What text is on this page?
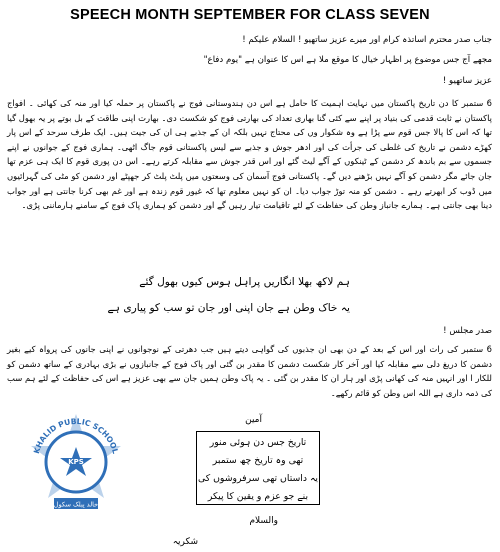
SPEECH MONTH SEPTEMBER FOR CLASS SEVEN
جناب صدر محترم اساتذہ کرام اور میرے عزیز ساتھیو ! السلام علیکم !
مجھے آج جس موضوع پر اظہار خیال کا موقع ملا ہے اس کا عنوان ہے "یوم دفاع"
عزیز ساتھیو !
6 ستمبر کا دن تاریخ پاکستان میں نہایت اہمیت کا حامل ہے اس دن ہندوستانی فوج نے پاکستان پر حملہ کیا اور منہ کی کھائی ۔ افواج پاکستان نے ثابت قدمی کی بنیاد پر اپنے سے کئی گنا بھاری تعداد کی بھارتی فوج کو شکست دی۔ بھارت اپنی طاقت کے بل بوتے پر یہ بھول گیا تھا کہ اس کا پالا جس قوم سے پڑا ہے وہ شکوار وں کی محتاج نہیں بلکہ ان کے جذبے ہی ان کی جیت ہیں۔ ایک طرف سرحد کے اس پار کھڑے دشمن نے تاریخ کی غلطی کی جرأت کی اور ادھر جوش و جذبے سے لیس پاکستانی قوم جاگ اٹھی۔ ہماری فوج کے جوانوں نے اپنے جسموں سے بم باندھ کر دشمن کے ٹینکوں کے آگے لیٹ گئے اور اس قدر جوش سے مقابلہ کرتے رہے۔ اس دن پوری قوم کا ایک ہی عزم تھا جان جائے مگر دشمن کو آگے نہیں بڑھنے دیں گے۔ پاکستانی فوج آسمان کی وسعتوں میں پلٹ پلٹ کر جھپٹے اور دشمن کو مٹی کی گہرائیوں میں ڈوب کر ابھرتے رہے ۔ دشمن کو منہ توڑ جواب دیا۔ ان کو نہیں معلوم تھا کہ غیور قوم زندہ ہے اور غم بھی کرنا جانتی ہے اور جواب دینا بھی جانتی ہے۔ ہمارے جانباز وطن کی حفاظت کے لئے تاقیامت تیار رہیں گے اور دشمن کو ہماری پاک فوج کے سامنے ہارماننی پڑی۔
ہم لاکھ بھلا انگاریں پراہل ہوس کیوں بھول گئے
یہ خاک وطن ہے جان اپنی اور جان تو سب کو پیاری ہے
صدر مجلس !
6 ستمبر کی رات اور اس کے بعد کے دن بھی ان جذبوں کی گواہی دیتے ہیں جب دھرتی کے نوجوانوں نے اپنی جانوں کی پرواہ کیے بغیر دشمن کا دریغ دلی سے مقابلہ کیا اور آخر کار شکست دشمن کا مقدر بن گئی اور پاک فوج کے جانبازوں نے بڑی بہادری کے ساتھ دشمن کو للکار ا اور انہیں منہ کی کھانی پڑی اور ہار ان کا مقدر بن گئی ۔ یہ پاک وطن ہمیں جان سے بھی عزیز ہے اس کی حفاظت کے لئے ہم سب کی ذمہ داری ہے اللہ اس وطن کو قائم رکھے۔
آمین
تاریخ جس دن ہوئی منور
تھی وہ تاریخ چھ ستمبر
یہ داستاں تھی سرفروشوں کی
بنے جو عزم و یقین کا پیکر
والسلام
شکریہ
KHALID PUBLIC SCHOOL
KPS
خالد پبلک سکول
